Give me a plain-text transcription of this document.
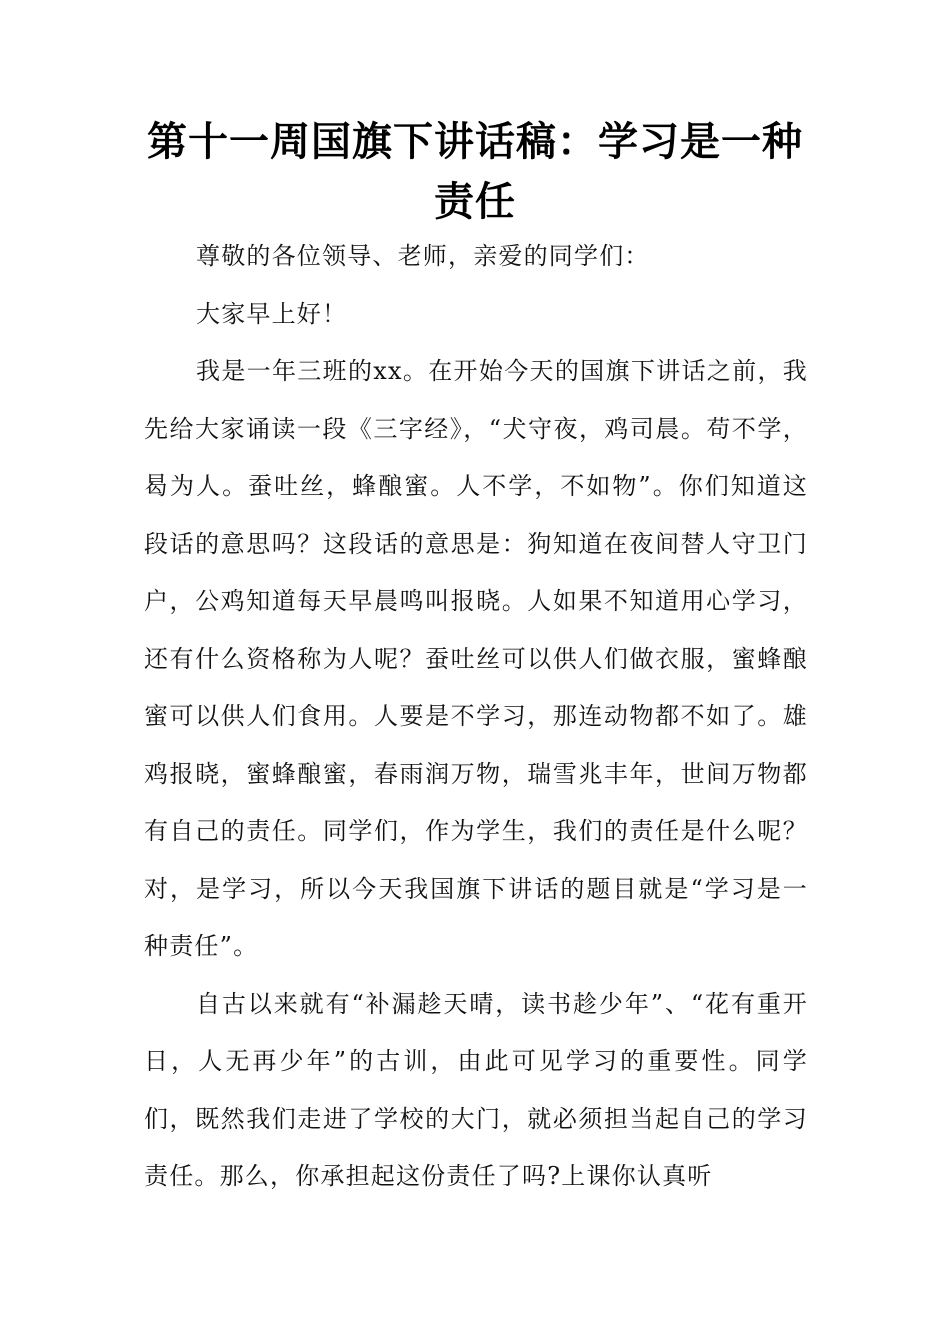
第十一周国旗下讲话稿：学习是一种责任

尊敬的各位领导、老师，亲爱的同学们：

大家早上好！

我是一年三班的xx。在开始今天的国旗下讲话之前，我先给大家诵读一段《三字经》，“犬守夜，鸡司晨。苟不学，曷为人。蚕吐丝，蜂酿蜜。人不学，不如物”。你们知道这段话的意思吗？这段话的意思是：狗知道在夜间替人守卫门户，公鸡知道每天早晨鸣叫报晓。人如果不知道用心学习，还有什么资格称为人呢？蚕吐丝可以供人们做衣服，蜜蜂酿蜜可以供人们食用。人要是不学习，那连动物都不如了。雄鸡报晓，蜜蜂酿蜜，春雨润万物，瑞雪兆丰年，世间万物都有自己的责任。同学们，作为学生，我们的责任是什么呢？对，是学习，所以今天我国旗下讲话的题目就是“学习是一种责任”。

自古以来就有“补漏趁天晴，读书趁少年”、“花有重开日，人无再少年”的古训，由此可见学习的重要性。同学们，既然我们走进了学校的大门，就必须担当起自己的学习责任。那么，你承担起这份责任了吗?上课你认真听
